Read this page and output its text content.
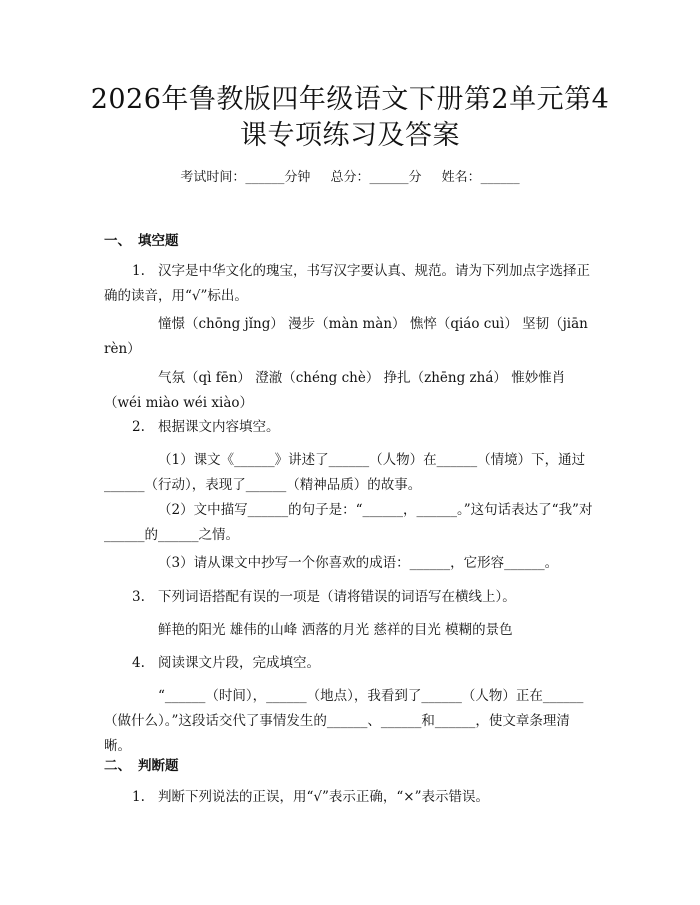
2026年鲁教版四年级语文下册第2单元第4课专项练习及答案
考试时间：______分钟 总分：______分 姓名：______
一、 填空题
1. 汉字是中华文化的瑰宝，书写汉字要认真、规范。请为下列加点字选择正确的读音，用“√”标出。
憧憬（chōng jǐng） 漫步（màn màn） 憔悴（qiáo cuì） 坚韧（jiān rèn）
气氛（qì fēn） 澄澈（chéng chè） 挣扎（zhēng zhá） 惟妙惟肖（wéi miào wéi xiào）
2. 根据课文内容填空。
（1）课文《______》讲述了______（人物）在______（情境）下，通过______（行动），表现了______（精神品质）的故事。
（2）文中描写______的句子是：“______，______。”这句话表达了“我”对______的______之情。
（3）请从课文中抄写一个你喜欢的成语：______，它形容______。
3. 下列词语搭配有误的一项是（请将错误的词语写在横线上）。
鲜艳的阳光 雄伟的山峰 洒落的月光 慈祥的目光 模糊的景色
4. 阅读课文片段，完成填空。
“______（时间），______（地点），我看到了______（人物）正在______（做什么）。”这段话交代了事情发生的______、______和______，使文章条理清晰。
二、 判断题
1. 判断下列说法的正误，用“√”表示正确，“×”表示错误。
